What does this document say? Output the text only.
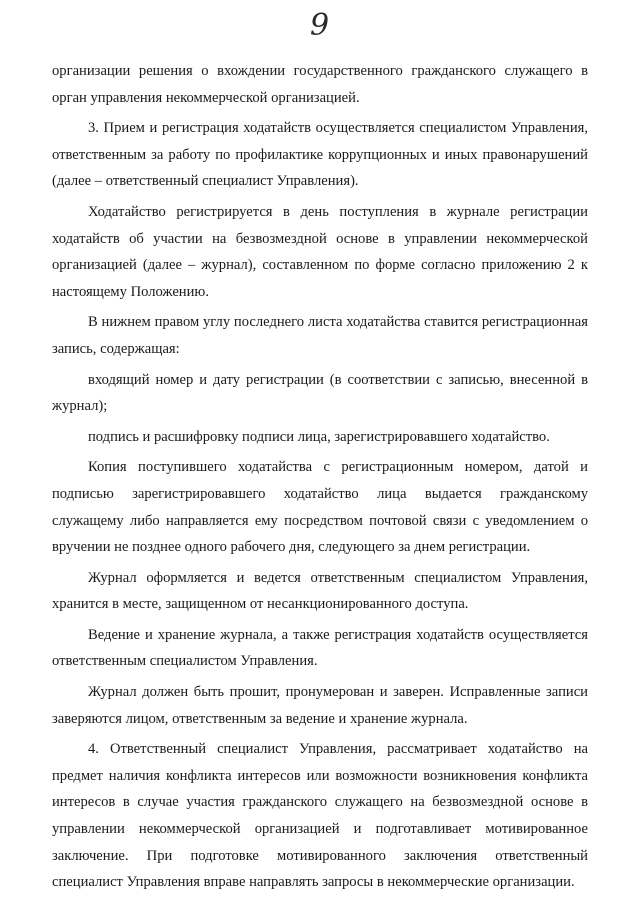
9

организации решения о вхождении государственного гражданского служащего в орган управления некоммерческой организацией.

3. Прием и регистрация ходатайств осуществляется специалистом Управления, ответственным за работу по профилактике коррупционных и иных правонарушений (далее – ответственный специалист Управления).

Ходатайство регистрируется в день поступления в журнале регистрации ходатайств об участии на безвозмездной основе в управлении некоммерческой организацией (далее – журнал), составленном по форме согласно приложению 2 к настоящему Положению.

В нижнем правом углу последнего листа ходатайства ставится регистрационная запись, содержащая:

входящий номер и дату регистрации (в соответствии с записью, внесенной в журнал);

подпись и расшифровку подписи лица, зарегистрировавшего ходатайство.

Копия поступившего ходатайства с регистрационным номером, датой и подписью зарегистрировавшего ходатайство лица выдается гражданскому служащему либо направляется ему посредством почтовой связи с уведомлением о вручении не позднее одного рабочего дня, следующего за днем регистрации.

Журнал оформляется и ведется ответственным специалистом Управления, хранится в месте, защищенном от несанкционированного доступа.

Ведение и хранение журнала, а также регистрация ходатайств осуществляется ответственным специалистом Управления.

Журнал должен быть прошит, пронумерован и заверен. Исправленные записи заверяются лицом, ответственным за ведение и хранение журнала.

4. Ответственный специалист Управления, рассматривает ходатайство на предмет наличия конфликта интересов или возможности возникновения конфликта интересов в случае участия гражданского служащего на безвозмездной основе в управлении некоммерческой организацией и подготавливает мотивированное заключение. При подготовке мотивированного заключения ответственный специалист Управления вправе направлять запросы в некоммерческие организации.
